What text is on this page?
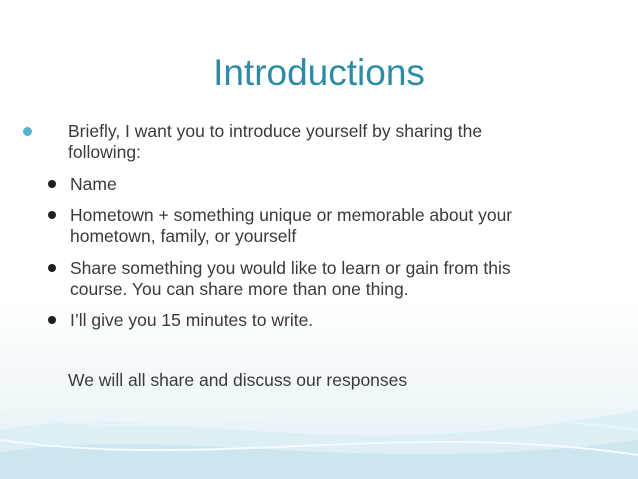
Introductions
Briefly, I want you to introduce yourself by sharing the
following:
Name
Hometown + something unique or memorable about your
hometown, family, or yourself
Share something you would like to learn or gain from this
course. You can share more than one thing.
I’ll give you 15 minutes to write.
We will all share and discuss our responses
